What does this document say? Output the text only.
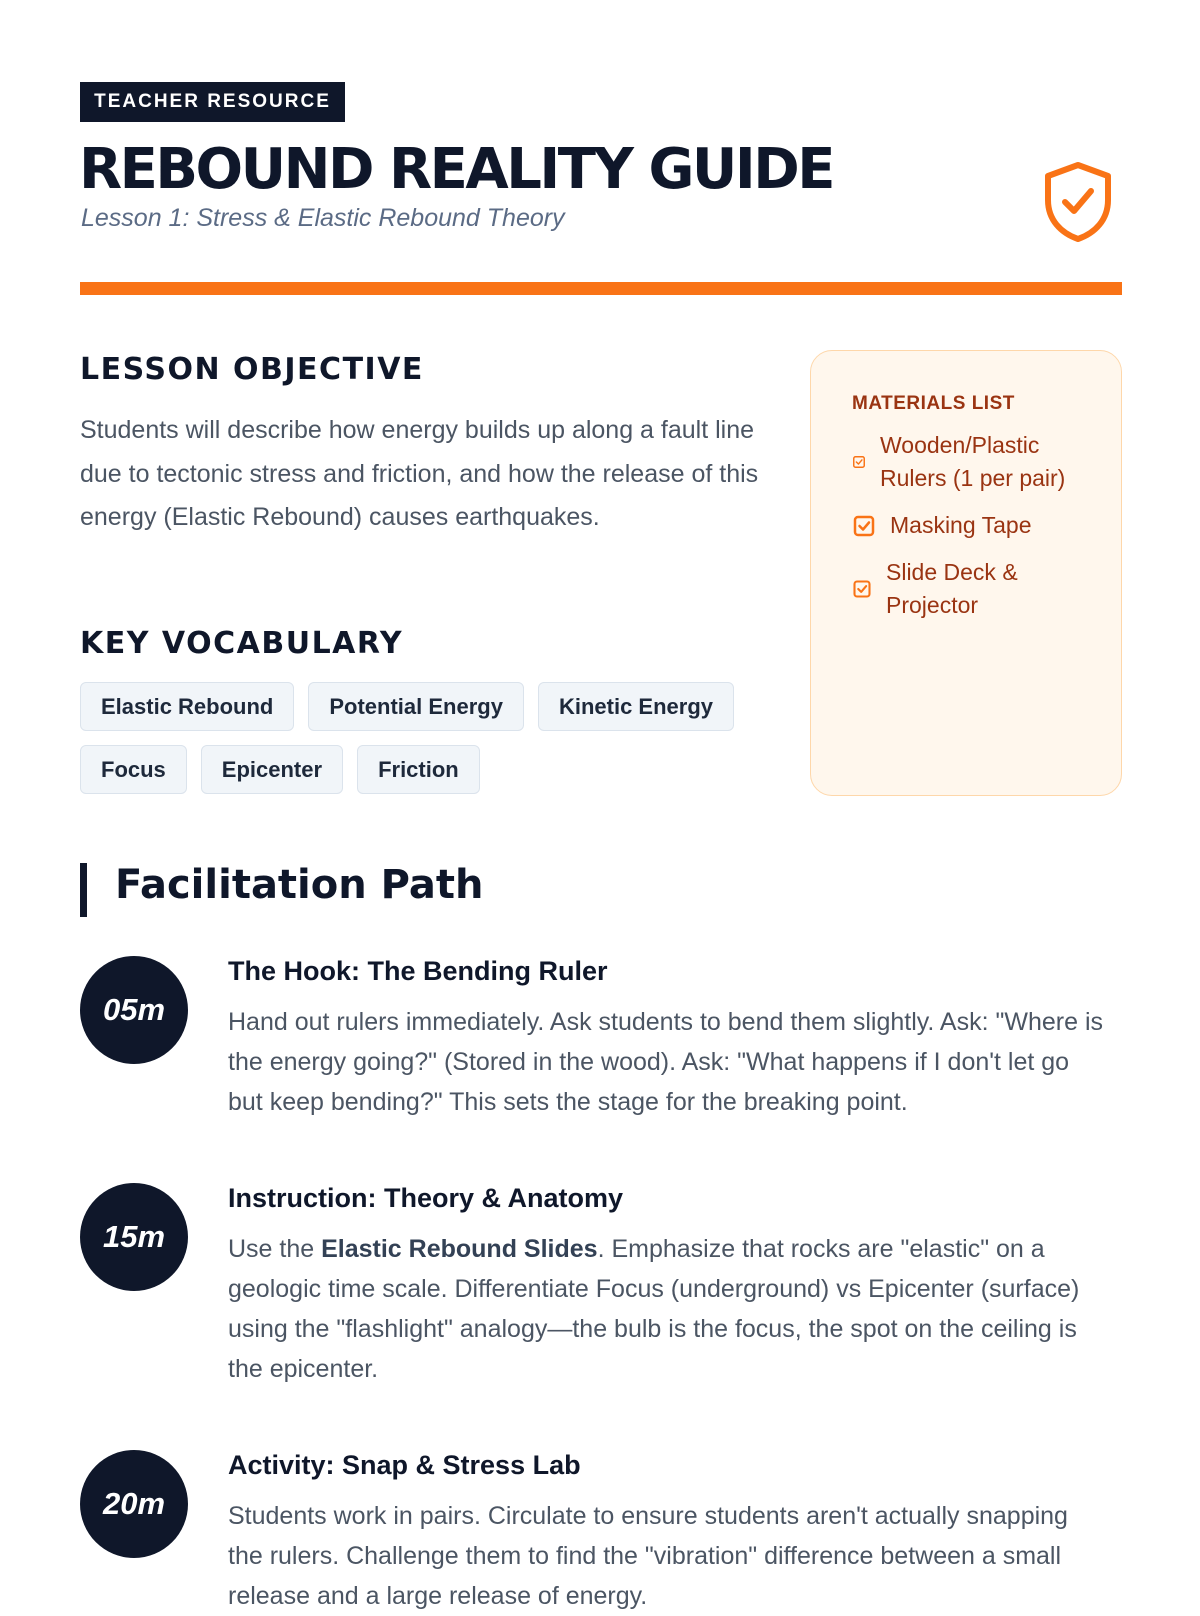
TEACHER RESOURCE
REBOUND REALITY GUIDE
Lesson 1: Stress & Elastic Rebound Theory
LESSON OBJECTIVE

Students will describe how energy builds up along a fault line due to tectonic stress and friction, and how the release of this energy (Elastic Rebound) causes earthquakes.

KEY VOCABULARY
Elastic Rebound	Potential Energy	Kinetic Energy
Focus	Epicenter	Friction
MATERIALS LIST
Wooden/Plastic Rulers (1 per pair)
Masking Tape
Slide Deck & Projector
Facilitation Path
05m
The Hook: The Bending Ruler

Hand out rulers immediately. Ask students to bend them slightly. Ask: "Where is the energy going?" (Stored in the wood). Ask: "What happens if I don't let go but keep bending?" This sets the stage for the breaking point.

15m
Instruction: Theory & Anatomy

Use the Elastic Rebound Slides. Emphasize that rocks are "elastic" on a geologic time scale. Differentiate Focus (underground) vs Epicenter (surface) using the "flashlight" analogy—the bulb is the focus, the spot on the ceiling is the epicenter.

20m
Activity: Snap & Stress Lab

Students work in pairs. Circulate to ensure students aren't actually snapping the rulers. Challenge them to find the "vibration" difference between a small release and a large release of energy.
